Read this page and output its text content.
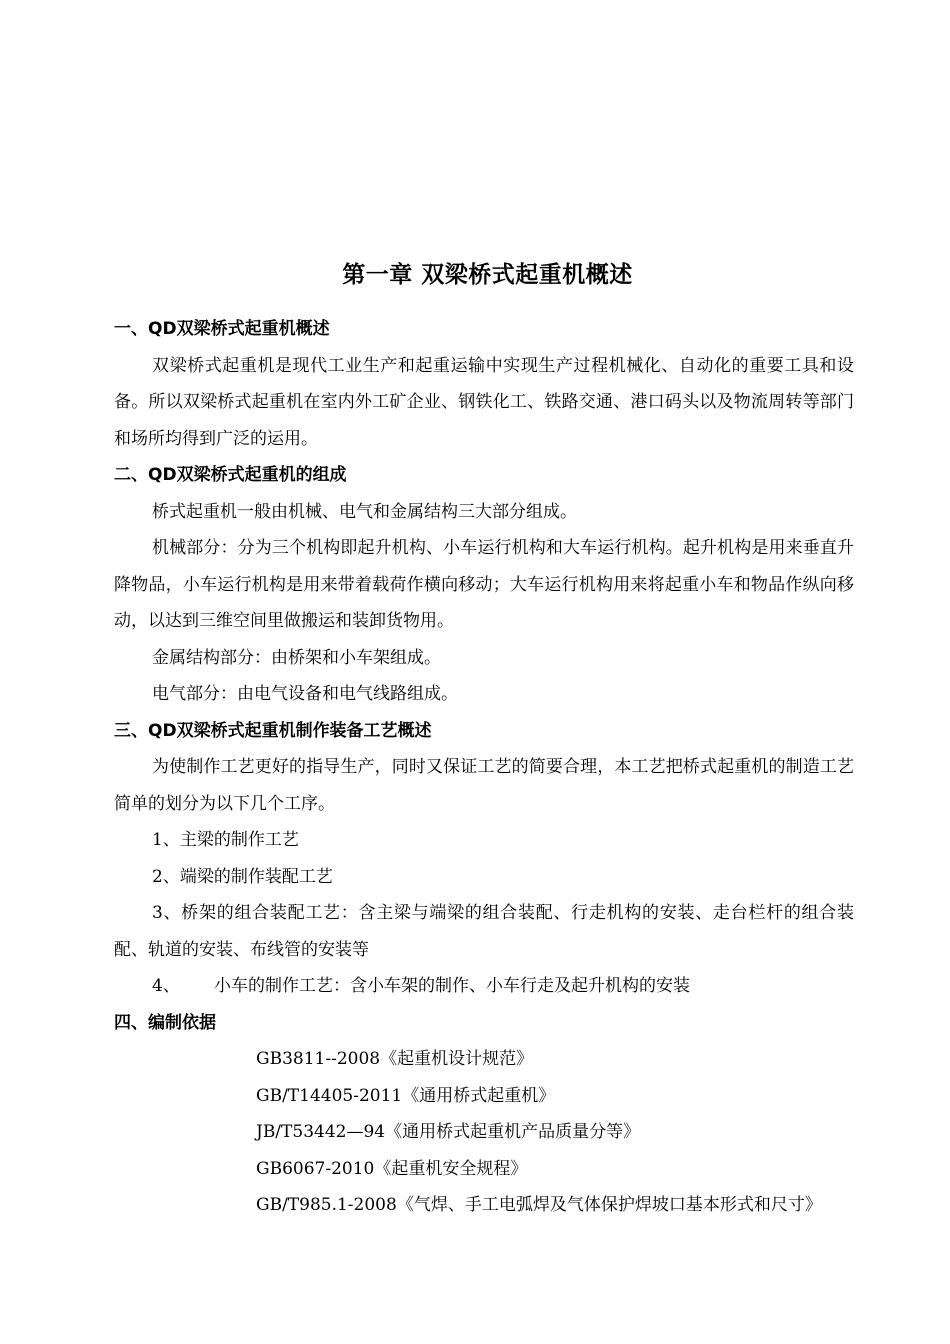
第一章 双梁桥式起重机概述
一、QD双梁桥式起重机概述
双梁桥式起重机是现代工业生产和起重运输中实现生产过程机械化、自动化的重要工具和设备。所以双梁桥式起重机在室内外工矿企业、钢铁化工、铁路交通、港口码头以及物流周转等部门和场所均得到广泛的运用。
二、QD双梁桥式起重机的组成
桥式起重机一般由机械、电气和金属结构三大部分组成。
机械部分：分为三个机构即起升机构、小车运行机构和大车运行机构。起升机构是用来垂直升降物品，小车运行机构是用来带着载荷作横向移动；大车运行机构用来将起重小车和物品作纵向移动，以达到三维空间里做搬运和装卸货物用。
金属结构部分：由桥架和小车架组成。
电气部分：由电气设备和电气线路组成。
三、QD双梁桥式起重机制作装备工艺概述
为使制作工艺更好的指导生产，同时又保证工艺的简要合理，本工艺把桥式起重机的制造工艺简单的划分为以下几个工序。
1、主梁的制作工艺
2、端梁的制作装配工艺
3、桥架的组合装配工艺：含主梁与端梁的组合装配、行走机构的安装、走台栏杆的组合装配、轨道的安装、布线管的安装等
4、 小车的制作工艺：含小车架的制作、小车行走及起升机构的安装
四、编制依据
GB3811--2008《起重机设计规范》
GB/T14405-2011《通用桥式起重机》
JB/T53442—94《通用桥式起重机产品质量分等》
GB6067-2010《起重机安全规程》
GB/T985.1-2008《气焊、手工电弧焊及气体保护焊坡口基本形式和尺寸》
